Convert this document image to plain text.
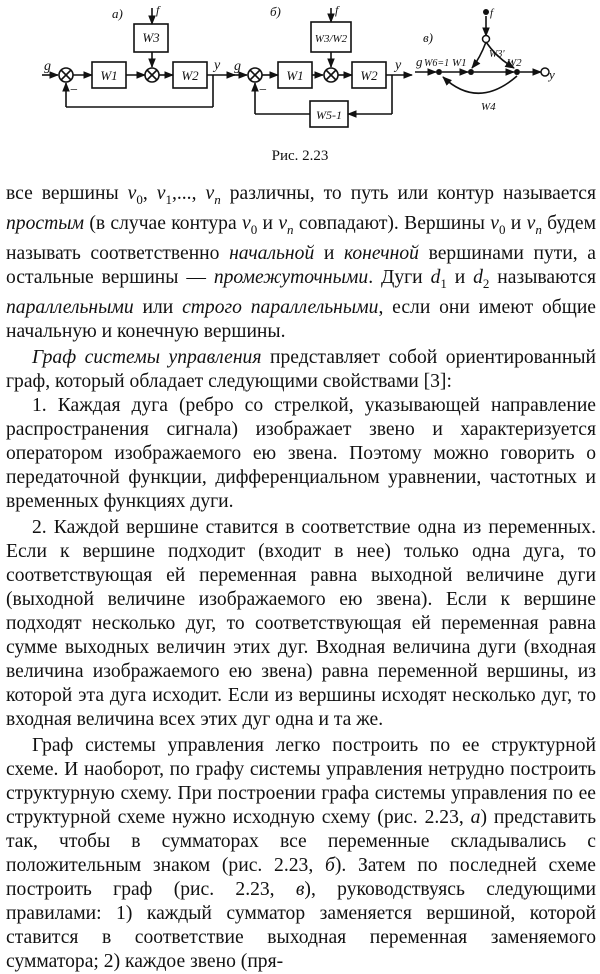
а)	б)
в)
g	y
f
−
W1
W3
W2
g	y
f
−
W1
W3/W2
W2
W5-1
g
y
f
W6=1 W1
W3'
W2
W4
Рис. 2.23

все вершины $v_0$, $v_1$,..., $v_n$ различны, то путь или контур называется простым (в случае контура $v_0$ и $v_n$ совпадают). Вершины $v_0$ и $v_n$ будем называть соответственно начальной и конечной вершинами пути, а остальные вершины — промежуточными. Дуги $d_1$ и $d_2$ называются параллельными или строго параллельными, если они имеют общие начальную и конечную вершины.

Граф системы управления представляет собой ориентированный граф, который обладает следующими свойствами [3]:

1. Каждая дуга (ребро со стрелкой, указывающей направление распространения сигнала) изображает звено и характеризуется оператором изображаемого ею звена. Поэтому можно говорить о передаточной функции, дифференциальном уравнении, частотных и временных функциях дуги.

2. Каждой вершине ставится в соответствие одна из переменных. Если к вершине подходит (входит в нее) только одна дуга, то соответствующая ей переменная равна выходной величине дуги (выходной величине изображаемого ею звена). Если к вершине подходят несколько дуг, то соответствующая ей переменная равна сумме выходных величин этих дуг. Входная величина дуги (входная величина изображаемого ею звена) равна переменной вершины, из которой эта дуга исходит. Если из вершины исходят несколько дуг, то входная величина всех этих дуг одна и та же.

Граф системы управления легко построить по ее структурной схеме. И наоборот, по графу системы управления нетрудно построить структурную схему. При построении графа системы управления по ее структурной схеме нужно исходную схему (рис. 2.23, а) представить так, чтобы в сумматорах все переменные складывались с положительным знаком (рис. 2.23, б). Затем по последней схеме построить граф (рис. 2.23, в), руководствуясь следующими правилами: 1) каждый сумматор заменяется вершиной, которой ставится в соответствие выходная переменная заменяемого сумматора; 2) каждое звено (пря-
